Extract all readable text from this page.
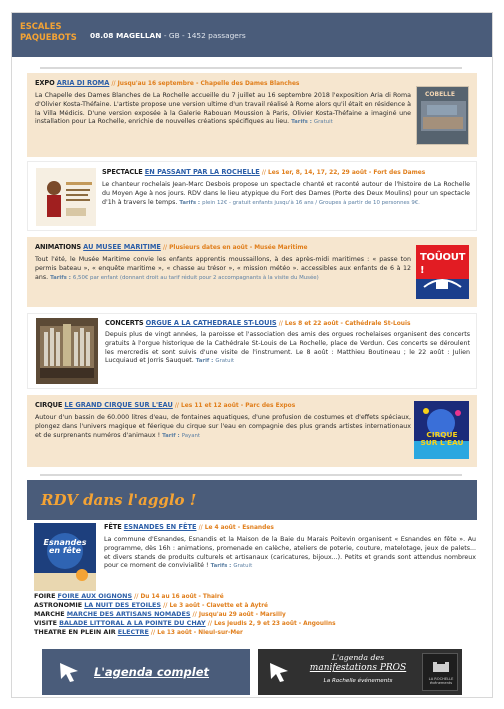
ESCALES PAQUEBOTS	08.08 MAGELLAN - GB - 1452 passagers
EXPO ARIA DI ROMA // Jusqu'au 16 septembre - Chapelle des Dames Blanches
La Chapelle des Dames Blanches de La Rochelle accueille du 7 juillet au 16 septembre 2018 l'exposition Aria di Roma d'Olivier Kosta-Théfaine. L'artiste propose une version ultime d'un travail réalisé à Rome alors qu'il était en résidence à la Villa Médicis. D'une version exposée à la Galerie Rabouan Moussion à Paris, Olivier Kosta-Théfaine a imaginé une installation pour La Rochelle, enrichie de nouvelles créations spécifiques au lieu. Tarifs : Gratuit
COBELLE
SPECTACLE EN PASSANT PAR LA ROCHELLE // Les 1er, 8, 14, 17, 22, 29 août - Fort des Dames
Le chanteur rochelais Jean-Marc Desbois propose un spectacle chanté et raconté autour de l'histoire de La Rochelle du Moyen Age à nos jours. RDV dans le lieu atypique du Fort des Dames (Porte des Deux Moulins) pour un spectacle d'1h à travers le temps. Tarifs : plein 12€ - gratuit enfants jusqu'à 16 ans / Groupes à partir de 10 personnes 9€.
ANIMATIONS AU MUSEE MARITIME // Plusieurs dates en août - Musée Maritime
Tout l'été, le Musée Maritime convie les enfants apprentis moussaillons, à des après-midi maritimes : « passe ton permis bateau », « enquête maritime », « chasse au trésor », « mission météo ». accessibles aux enfants de 6 à 12 ans. Tarifs : 6,50€ par enfant (donnant droit au tarif réduit pour 2 accompagnants à la visite du Musée)
TOÛOUT !
CONCERTS ORGUE A LA CATHEDRALE ST-LOUIS // Les 8 et 22 août - Cathédrale St-Louis
Depuis plus de vingt années, la paroisse et l'association des amis des orgues rochelaises organisent des concerts gratuits à l'orgue historique de la Cathédrale St-Louis de La Rochelle, place de Verdun. Ces concerts se déroulent les mercredis et sont suivis d'une visite de l'instrument. Le 8 août : Matthieu Boutineau ; le 22 août : Julien Lucquiaud et Jorris Sauquet. Tarif : Gratuit
CIRQUE LE GRAND CIRQUE SUR L'EAU // Les 11 et 12 août - Parc des Expos
Autour d'un bassin de 60.000 litres d'eau, de fontaines aquatiques, d'une profusion de costumes et d'effets spéciaux, plongez dans l'univers magique et féerique du cirque sur l'eau en compagnie des plus grands artistes internationaux et de surprenants numéros d'animaux ! Tarif : Payant	CIRQUE SUR L'EAU
RDV dans l'agglo !
Esnandes en fête
FÊTE ESNANDES EN FÊTE // Le 4 août - Esnandes
La commune d'Esnandes, Esnandis et la Maison de la Baie du Marais Poitevin organisent « Esnandes en fête ». Au programme, dès 16h : animations, promenade en calèche, ateliers de poterie, couture, matelotage, jeux de palets... et divers stands de produits culturels et artisanaux (caricatures, bijoux...). Petits et grands sont attendus nombreux pour ce moment de convivialité ! Tarifs : Gratuit
FOIRE FOIRE AUX OIGNONS // Du 14 au 16 août - Thairé
ASTRONOMIE LA NUIT DES ETOILES // Le 3 août - Clavette et à Aytré
MARCHE MARCHE DES ARTISANS NOMADES // Jusqu'au 29 août - Marsilly
VISITE BALADE LITTORAL A LA POINTE DU CHAY // Les jeudis 2, 9 et 23 août - Angoulins
THEATRE EN PLEIN AIR ELECTRE // Le 13 août - Nieul-sur-Mer
L'agenda complet
L'agenda des
manifestations PROS
La Rochelle événements	LA ROCHELLE
événements
